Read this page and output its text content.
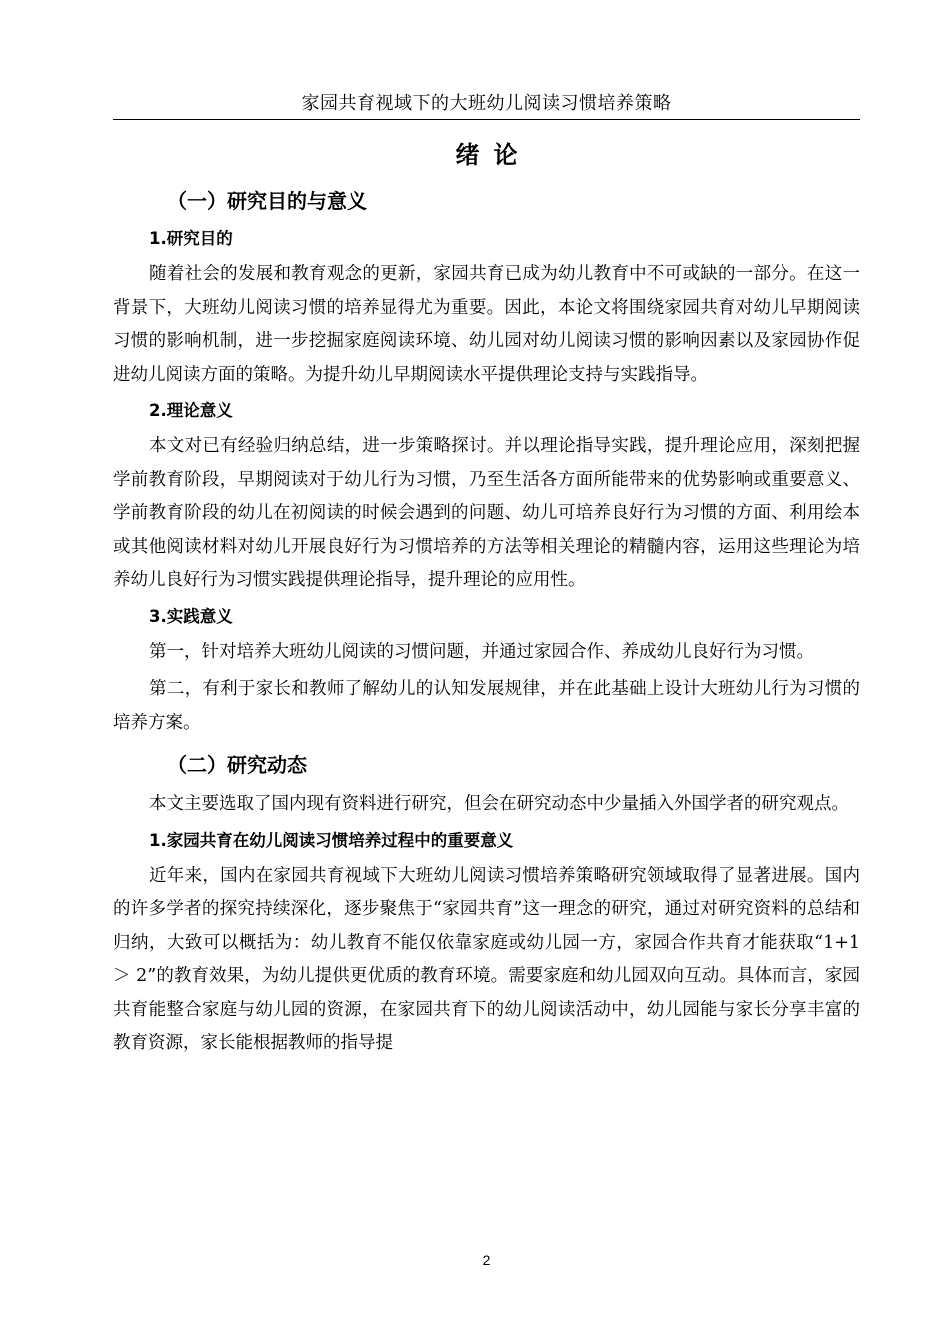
家园共育视域下的大班幼儿阅读习惯培养策略
绪论
（一）研究目的与意义
1.研究目的

随着社会的发展和教育观念的更新，家园共育已成为幼儿教育中不可或缺的一部分。在这一背景下，大班幼儿阅读习惯的培养显得尤为重要。因此，本论文将围绕家园共育对幼儿早期阅读习惯的影响机制，进一步挖掘家庭阅读环境、幼儿园对幼儿阅读习惯的影响因素以及家园协作促进幼儿阅读方面的策略。为提升幼儿早期阅读水平提供理论支持与实践指导。

2.理论意义

本文对已有经验归纳总结，进一步策略探讨。并以理论指导实践，提升理论应用，深刻把握学前教育阶段，早期阅读对于幼儿行为习惯，乃至生活各方面所能带来的优势影响或重要意义、学前教育阶段的幼儿在初阅读的时候会遇到的问题、幼儿可培养良好行为习惯的方面、利用绘本或其他阅读材料对幼儿开展良好行为习惯培养的方法等相关理论的精髓内容，运用这些理论为培养幼儿良好行为习惯实践提供理论指导，提升理论的应用性。

3.实践意义

第一，针对培养大班幼儿阅读的习惯问题，并通过家园合作、养成幼儿良好行为习惯。

第二，有利于家长和教师了解幼儿的认知发展规律，并在此基础上设计大班幼儿行为习惯的培养方案。

（二）研究动态

本文主要选取了国内现有资料进行研究，但会在研究动态中少量插入外国学者的研究观点。

1.家园共育在幼儿阅读习惯培养过程中的重要意义

近年来，国内在家园共育视域下大班幼儿阅读习惯培养策略研究领域取得了显著进展。国内的许多学者的探究持续深化，逐步聚焦于“家园共育”这一理念的研究，通过对研究资料的总结和归纳，大致可以概括为：幼儿教育不能仅依靠家庭或幼儿园一方，家园合作共育才能获取“1+1 ＞ 2”的教育效果，为幼儿提供更优质的教育环境。需要家庭和幼儿园双向互动。具体而言，家园共育能整合家庭与幼儿园的资源，在家园共育下的幼儿阅读活动中，幼儿园能与家长分享丰富的教育资源，家长能根据教师的指导提

2
